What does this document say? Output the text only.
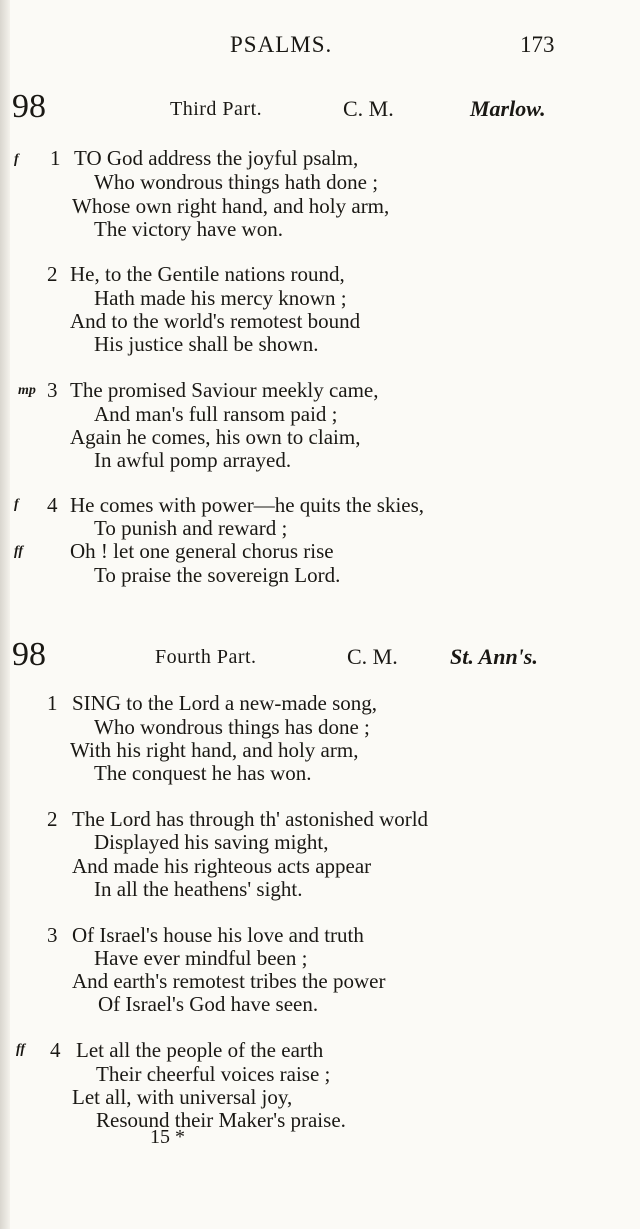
PSALMS.	173
98	Third Part.	C. M.	Marlow.
f 1 TO God address the joyful psalm,
Who wondrous things hath done ;
Whose own right hand, and holy arm,
The victory have won.
2 He, to the Gentile nations round,
Hath made his mercy known ;
And to the world's remotest bound
His justice shall be shown.
mp 3 The promised Saviour meekly came,
And man's full ransom paid ;
Again he comes, his own to claim,
In awful pomp arrayed.
f 4 He comes with power—he quits the skies,
To punish and reward ;
ff Oh ! let one general chorus rise
To praise the sovereign Lord.
98	Fourth Part.	C. M. St. Ann's.
1 SING to the Lord a new-made song,
Who wondrous things has done ;
With his right hand, and holy arm,
The conquest he has won.
2 The Lord has through th' astonished world
Displayed his saving might,
And made his righteous acts appear
In all the heathens' sight.
3 Of Israel's house his love and truth
Have ever mindful been ;
And earth's remotest tribes the power
Of Israel's God have seen.
ff 4 Let all the people of the earth
Their cheerful voices raise ;
Let all, with universal joy,
Resound their Maker's praise.
15 *
